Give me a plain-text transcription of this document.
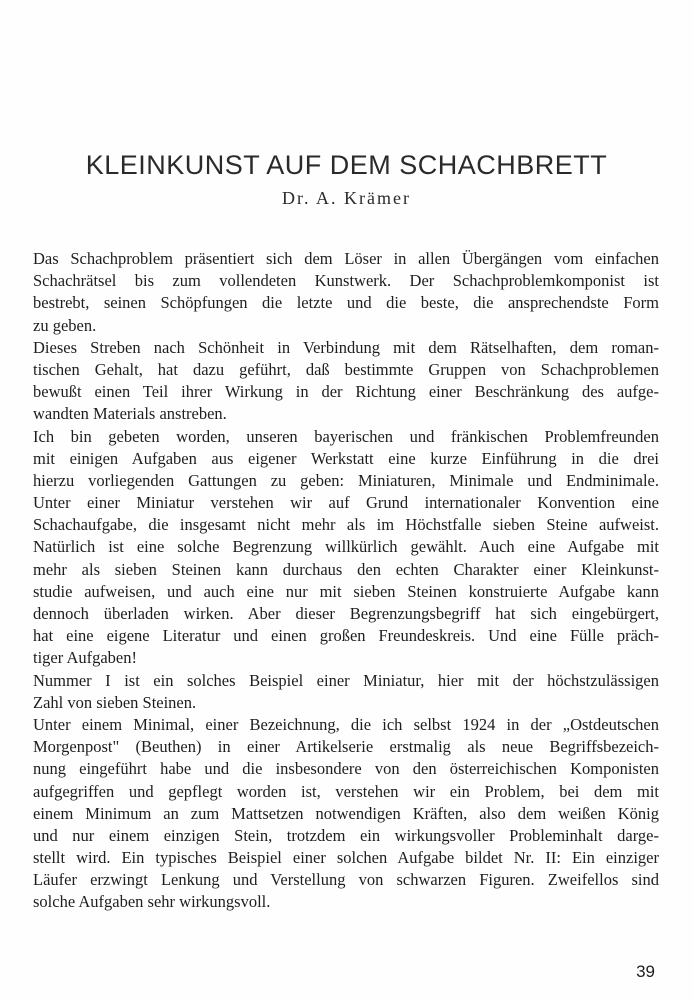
KLEINKUNST AUF DEM SCHACHBRETT
Dr. A. Krämer
Das Schachproblem präsentiert sich dem Löser in allen Übergängen vom einfachen
Schachrätsel bis zum vollendeten Kunstwerk. Der Schachproblemkomponist ist
bestrebt, seinen Schöpfungen die letzte und die beste, die ansprechendste Form
zu geben.
Dieses Streben nach Schönheit in Verbindung mit dem Rätselhaften, dem roman-
tischen Gehalt, hat dazu geführt, daß bestimmte Gruppen von Schachproblemen
bewußt einen Teil ihrer Wirkung in der Richtung einer Beschränkung des aufge-
wandten Materials anstreben.
Ich bin gebeten worden, unseren bayerischen und fränkischen Problemfreunden
mit einigen Aufgaben aus eigener Werkstatt eine kurze Einführung in die drei
hierzu vorliegenden Gattungen zu geben: Miniaturen, Minimale und Endminimale.
Unter einer Miniatur verstehen wir auf Grund internationaler Konvention eine
Schachaufgabe, die insgesamt nicht mehr als im Höchstfalle sieben Steine aufweist.
Natürlich ist eine solche Begrenzung willkürlich gewählt. Auch eine Aufgabe mit
mehr als sieben Steinen kann durchaus den echten Charakter einer Kleinkunst-
studie aufweisen, und auch eine nur mit sieben Steinen konstruierte Aufgabe kann
dennoch überladen wirken. Aber dieser Begrenzungsbegriff hat sich eingebürgert,
hat eine eigene Literatur und einen großen Freundeskreis. Und eine Fülle präch-
tiger Aufgaben!
Nummer I ist ein solches Beispiel einer Miniatur, hier mit der höchstzulässigen
Zahl von sieben Steinen.
Unter einem Minimal, einer Bezeichnung, die ich selbst 1924 in der „Ostdeutschen
Morgenpost" (Beuthen) in einer Artikelserie erstmalig als neue Begriffsbezeich-
nung eingeführt habe und die insbesondere von den österreichischen Komponisten
aufgegriffen und gepflegt worden ist, verstehen wir ein Problem, bei dem mit
einem Minimum an zum Mattsetzen notwendigen Kräften, also dem weißen König
und nur einem einzigen Stein, trotzdem ein wirkungsvoller Probleminhalt darge-
stellt wird. Ein typisches Beispiel einer solchen Aufgabe bildet Nr. II: Ein einziger
Läufer erzwingt Lenkung und Verstellung von schwarzen Figuren. Zweifellos sind
solche Aufgaben sehr wirkungsvoll.
39
